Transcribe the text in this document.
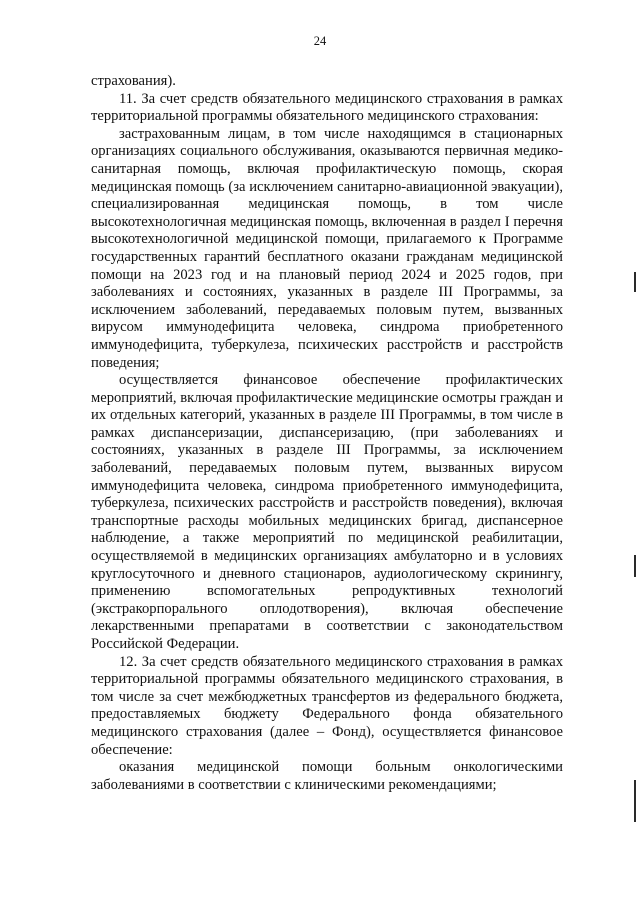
24

страхования).

11. За счет средств обязательного медицинского страхования в рамках территориальной программы обязательного медицинского страхования:

застрахованным лицам, в том числе находящимся в стационарных организациях социального обслуживания, оказываются первичная медико-санитарная помощь, включая профилактическую помощь, скорая медицинская помощь (за исключением санитарно-авиационной эвакуации), специализированная медицинская помощь, в том числе высокотехнологичная медицинская помощь, включенная в раздел I перечня высокотехнологичной медицинской помощи, прилагаемого к Программе государственных гарантий бесплатного оказани гражданам медицинской помощи на 2023 год и на плановый период 2024 и 2025 годов, при заболеваниях и состояниях, указанных в разделе III Программы, за исключением заболеваний, передаваемых половым путем, вызванных вирусом иммунодефицита человека, синдрома приобретенного иммунодефицита, туберкулеза, психических расстройств и расстройств поведения;

осуществляется финансовое обеспечение профилактических мероприятий, включая профилактические медицинские осмотры граждан и их отдельных категорий, указанных в разделе III Программы, в том числе в рамках диспансеризации, диспансеризацию, (при заболеваниях и состояниях, указанных в разделе III Программы, за исключением заболеваний, передаваемых половым путем, вызванных вирусом иммунодефицита человека, синдрома приобретенного иммунодефицита, туберкулеза, психических расстройств и расстройств поведения), включая транспортные расходы мобильных медицинских бригад, диспансерное наблюдение, а также мероприятий по медицинской реабилитации, осуществляемой в медицинских организациях амбулаторно и в условиях круглосуточного и дневного стационаров, аудиологическому скринингу, применению вспомогательных репродуктивных технологий (экстракорпорального оплодотворения), включая обеспечение лекарственными препаратами в соответствии с законодательством Российской Федерации.

12. За счет средств обязательного медицинского страхования в рамках территориальной программы обязательного медицинского страхования, в том числе за счет межбюджетных трансфертов из федерального бюджета, предоставляемых бюджету Федерального фонда обязательного медицинского страхования (далее – Фонд), осуществляется финансовое обеспечение:

оказания медицинской помощи больным онкологическими заболеваниями в соответствии с клиническими рекомендациями;
